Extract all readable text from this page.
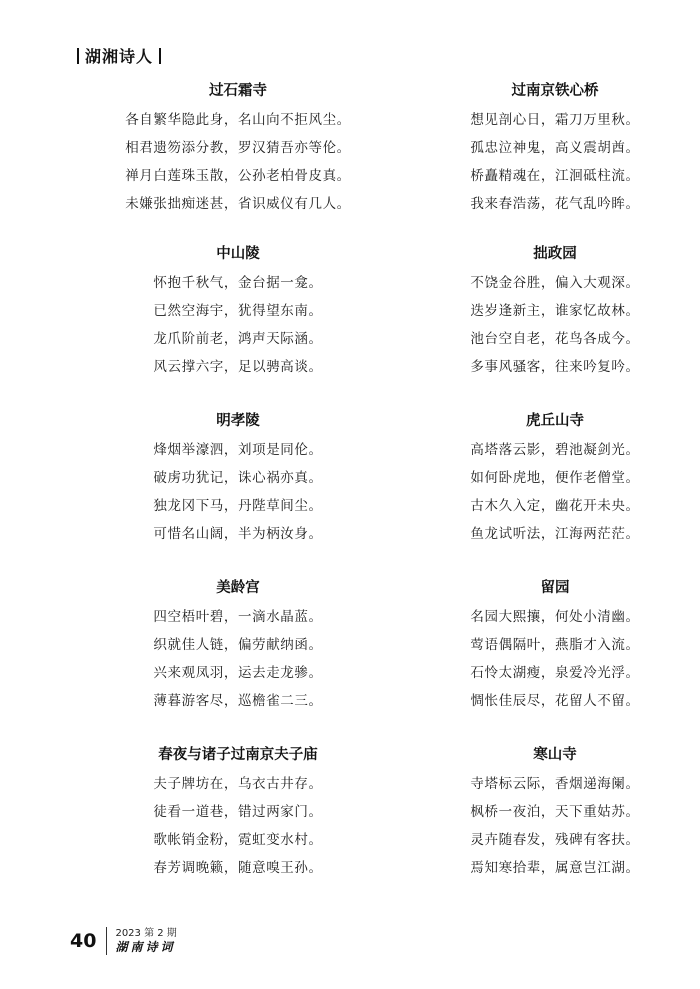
湖湘诗人
过石霜寺
各自繁华隐此身，名山向不拒风尘。
相君遗笏添分教，罗汉猜吾亦等伦。
禅月白莲珠玉散，公孙老柏骨皮真。
未嫌张拙痴迷甚，省识威仪有几人。
中山陵
怀抱千秋气，金台据一龛。
已然空海宇，犹得望东南。
龙爪阶前老，鸿声天际涵。
风云撑六字，足以骋高谈。
明孝陵
烽烟举濠泗，刘项是同伦。
破虏功犹记，诛心祸亦真。
独龙冈下马，丹陛草间尘。
可惜名山阔，半为柄汝身。
美龄宫
四空梧叶碧，一滴水晶蓝。
织就佳人链，偏劳献纳函。
兴来观凤羽，运去走龙骖。
薄暮游客尽，巡檐雀二三。
春夜与诸子过南京夫子庙
夫子牌坊在，乌衣古井存。
徒看一道巷，错过两家门。
歌帐销金粉，霓虹变水村。
春芳调晚籁，随意嗅王孙。
过南京铁心桥
想见剖心日，霜刀万里秋。
孤忠泣神鬼，高义震胡酋。
桥矗精魂在，江洄砥柱流。
我来春浩荡，花气乱吟眸。
拙政园
不饶金谷胜，偏入大观深。
迭岁逢新主，谁家忆故林。
池台空自老，花鸟各成今。
多事风骚客，往来吟复吟。
虎丘山寺
高塔落云影，碧池凝剑光。
如何卧虎地，便作老僧堂。
古木久入定，幽花开未央。
鱼龙试听法，江海两茫茫。
留园
名园大熙攘，何处小清幽。
莺语偶隔叶，燕脂才入流。
石怜太湖瘦，泉爱冷光浮。
惆怅佳辰尽，花留人不留。
寒山寺
寺塔标云际，香烟递海阑。
枫桥一夜泊，天下重姑苏。
灵卉随春发，残碑有客扶。
焉知寒拾辈，属意岂江湖。
40 2023 第 2 期
湖南诗词
